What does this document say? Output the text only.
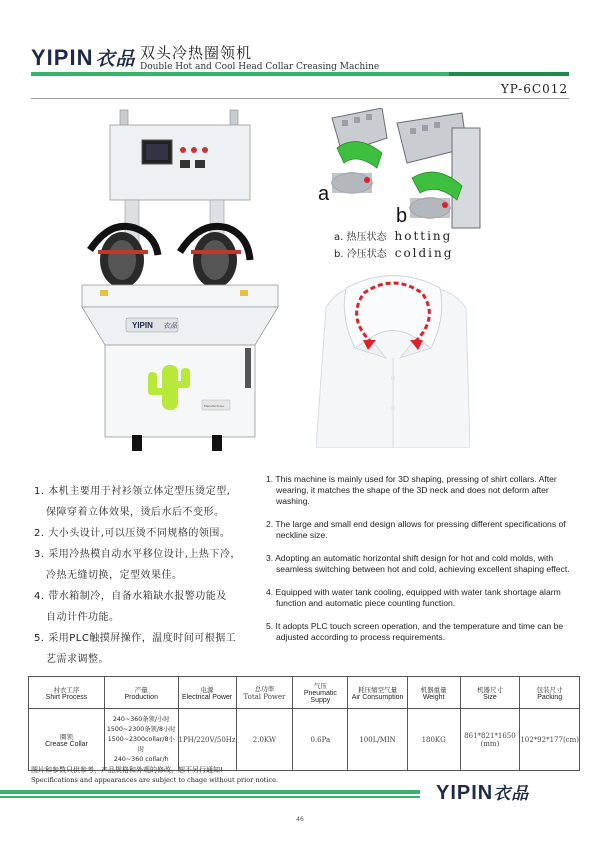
YIPIN 衣品 双头冷热圈领机
Double Hot and Cool Head Collar Creasing Machine
YP-6C012
YIPIN 衣品
Manufacturer
a
b
a. 热压状态 hotting
b. 冷压状态 colding
1. 本机主要用于衬衫领立体定型压烫定型,
保障穿着立体效果，烫后水后不变形。
2. 大小头设计,可以压烫不同规格的领围。
3. 采用冷热模自动水平移位设计,上热下冷，
冷热无缝切换，定型效果佳。
4. 带水箱制冷，自备水箱缺水报警功能及
自动计件功能。
5. 采用PLC触摸屏操作，温度时间可根据工
艺需求调整。
1. This machine is mainly used for 3D shaping, pressing of shirt collars. After wearing, it matches the shape of the 3D neck and does not deform after washing.
2. The large and small end design allows for pressing different specifications of neckline size.
3. Adopting an automatic horizontal shift design for hot and cold molds, with seamless switching between hot and cold, achieving excellent shaping effect.
4. Equipped with water tank cooling, equipped with water tank shortage alarm function and automatic piece counting function.
5. It adopts PLC touch screen operation, and the temperature and time can be adjusted according to process requirements.
衬衣工序
Shirt Process	产量
Production	电源
Electrical Power	总功率
Total Power	气压
Pneumatic Suppy	耗压缩空气量
Air Consumption	机器重量
Weight	机器尺寸
Size	包装尺寸
Packing

圈领
Crease Collar	240~360条领/小时
1500~2300条领/8小时
1500~2300collar/8小时
240~360 collar/h	1PH/220V/50Hz	2.0KW	0.6Pa	100L/MIN	180KG	861*821*1650
(mm)	102*92*177(cm)
图片和参数只供参考，产品规格和外观的修改，恕不另行通知!
Specifications and appearances are subject to chage without prior notice.
YIPIN衣品
46
